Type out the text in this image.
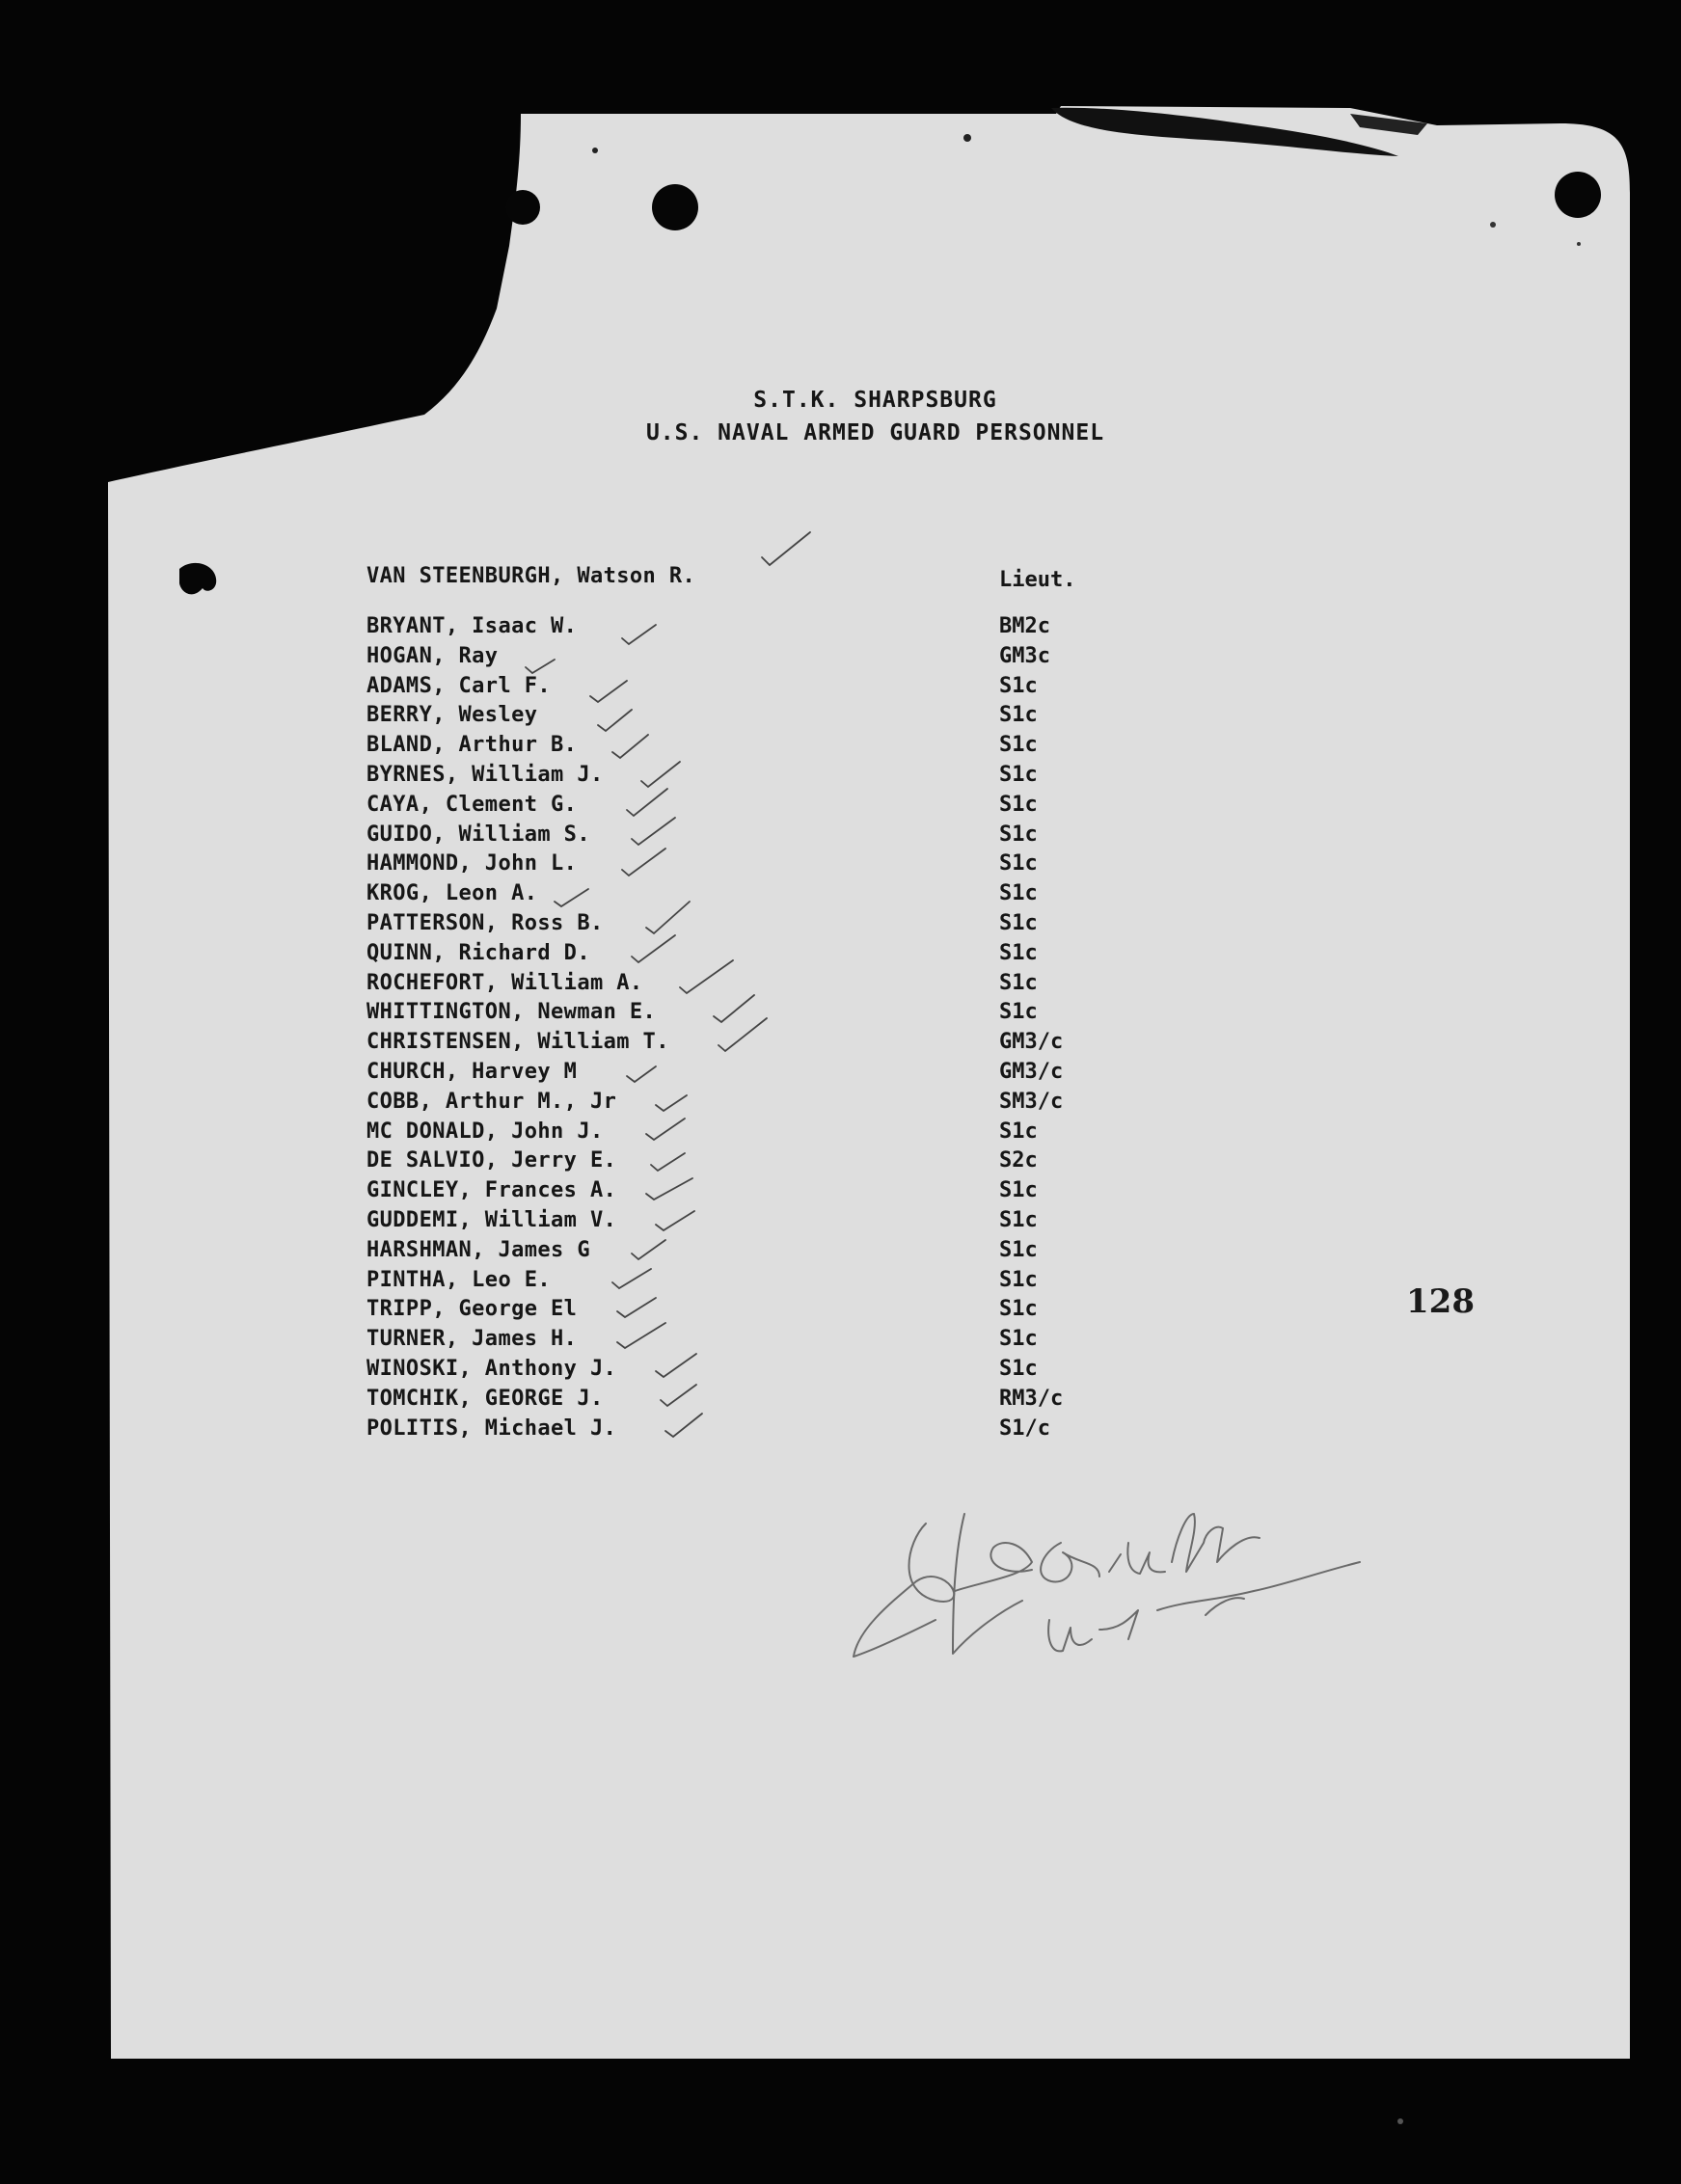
S.T.K. SHARPSBURG
U.S. NAVAL ARMED GUARD PERSONNEL
VAN STEENBURGH, Watson R.	Lieut.
BRYANT, Isaac W.	BM2c
HOGAN, Ray	GM3c
ADAMS, Carl F.	S1c
BERRY, Wesley	S1c
BLAND, Arthur B.	S1c
BYRNES, William J.	S1c
CAYA, Clement G.	S1c
GUIDO, William S.	S1c
HAMMOND, John L.	S1c
KROG, Leon A.	S1c
PATTERSON, Ross B.	S1c
QUINN, Richard D.	S1c
ROCHEFORT, William A.	S1c
WHITTINGTON, Newman E.	S1c
CHRISTENSEN, William T.	GM3/c
CHURCH, Harvey M	GM3/c
COBB, Arthur M., Jr	SM3/c
MC DONALD, John J.	S1c
DE SALVIO, Jerry E.	S2c
GINCLEY, Frances A.	S1c
GUDDEMI, William V.	S1c
HARSHMAN, James G	S1c
PINTHA, Leo E.	S1c
TRIPP, George El	S1c
TURNER, James H.	S1c
WINOSKI, Anthony J.	S1c
TOMCHIK, GEORGE J.	RM3/c
POLITIS, Michael J.	S1/c
128
